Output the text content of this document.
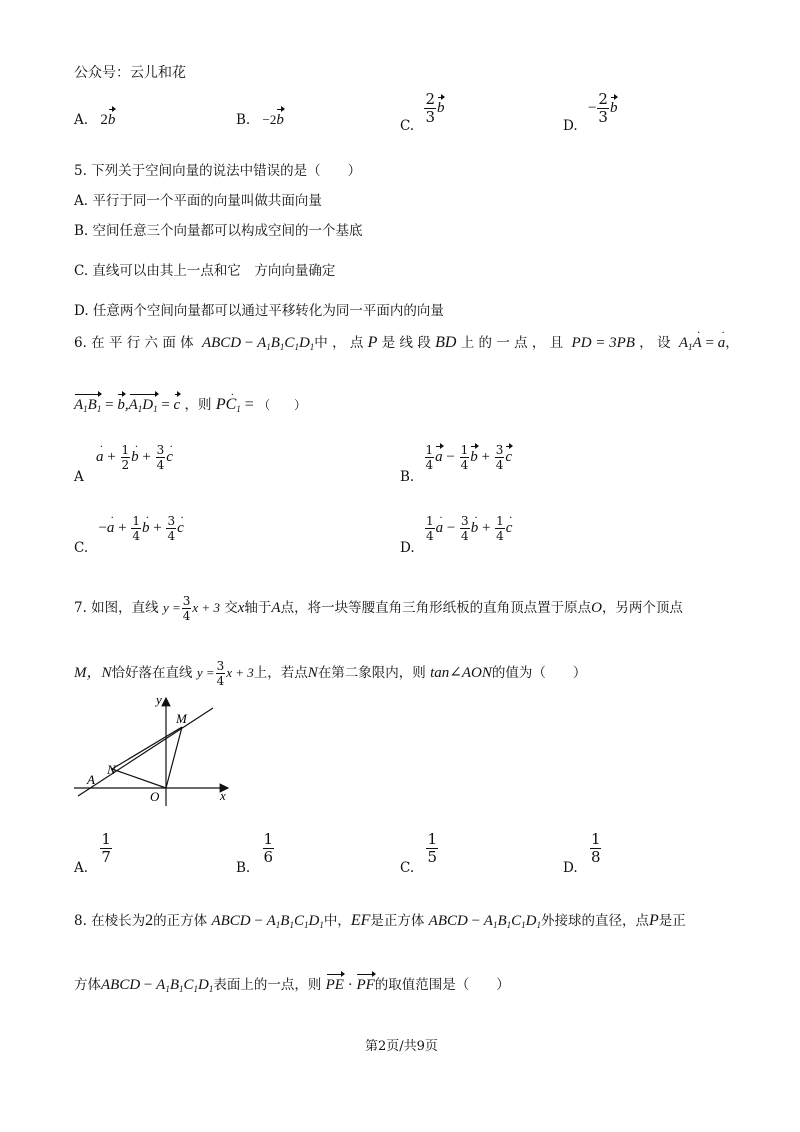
公众号：云儿和花
A. 2b	B. −2b	C.
$\frac{2}{3}$ b
D. − $\frac{2}{3}$ b
5. 下列关于空间向量的说法中错误的是（　　）
A. 平行于同一个平面的向量叫做共面向量
B. 空间任意三个向量都可以构成空间的一个基底
C. 直线可以由其上一点和它　方向向量确定
D. 任意两个空间向量都可以通过平移转化为同一平面内的向量
6. 在 平 行 六 面 体 ABCD − $A_1B_1C_1D_1$中 ， 点 P 是 线 段 BD 上 的 一 点 ， 且 PD = 3PB ， 设 $A_1A$ · = a ·，
$A_1B_1 = b,A_1D_1 = c$ ，则 PC $\cdot_1$ = （　　）
A a · + $\frac{1}{2}$ b · + $\frac{3}{4}$ c ·
B.
$\frac{1}{4}$ $a - \frac{1}{4}$ $b + \frac{3}{4}$ c
C. −a · + $\frac{1}{4}$ b · + $\frac{3}{4}$ c ·
D.
$\frac{1}{4}$ a · − $\frac{3}{4}$ b · + $\frac{1}{4}$ c ·
7. 如图，直线 $y = \frac{3}{4}$ x + 3 交x轴于A点，将一块等腰直角三角形纸板的直角顶点置于原点O，另两个顶点
M，N恰好落在直线 $y = \frac{3}{4}$ x + 3上，若点N在第二象限内，则 tan∠AON的值为（　　）
y
x
M
N
A
O
A.
$\frac{1}{7}$
B.
$\frac{1}{6}$
C.
$\frac{1}{5}$
D.
$\frac{1}{8}$
8. 在棱长为2的正方体 ABCD − $A_1B_1C_1D_1$中，EF是正方体 ABCD − $A_1B_1C_1D_1$外接球的直径，点P是正
方体ABCD − $A_1B_1C_1D_1$表面上的一点，则 PE · PF的取值范围是（　　）
第2页/共9页
